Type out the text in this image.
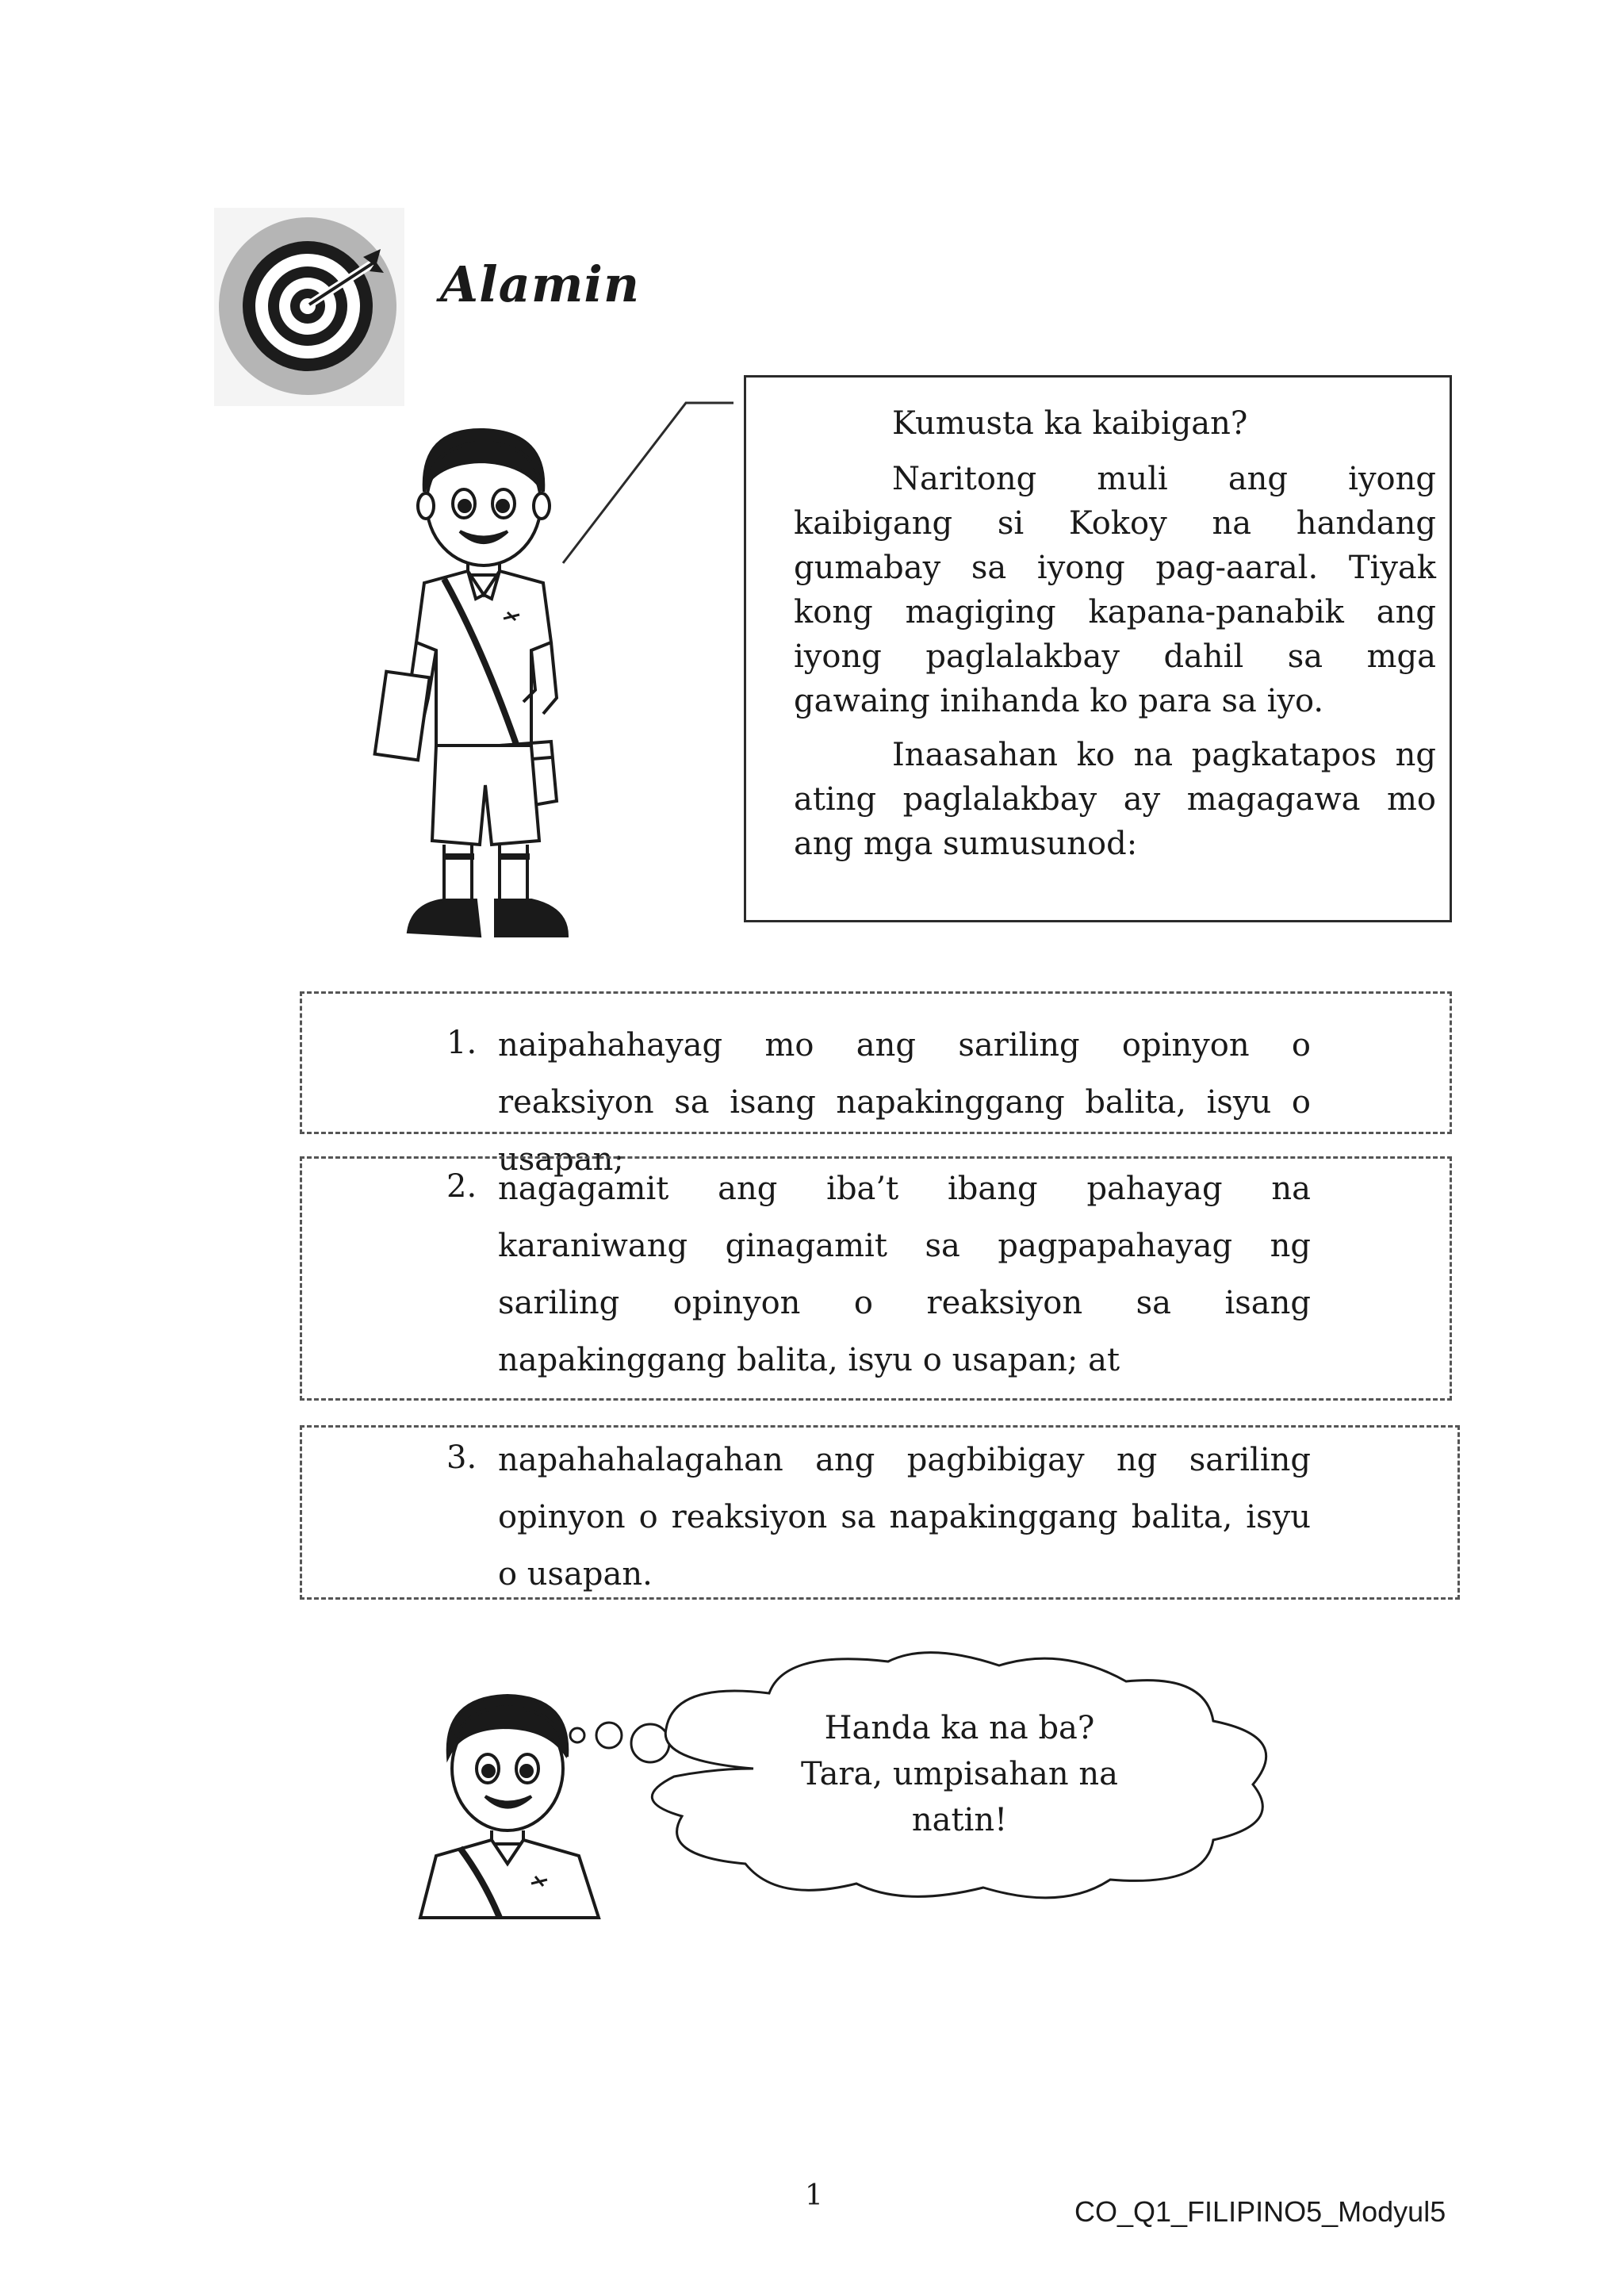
Alamin
Kumusta ka kaibigan?
Naritong muli ang iyong kaibigang si Kokoy na handang gumabay sa iyong pag-aaral. Tiyak kong magiging kapana-panabik ang iyong paglalakbay dahil sa mga gawaing inihanda ko para sa iyo.
Inaasahan ko na pagkatapos ng ating paglalakbay ay magagawa mo ang mga sumusunod:
1. naipahahayag mo ang sariling opinyon o reaksiyon sa isang napakinggang balita, isyu o usapan;
2. nagagamit ang iba’t ibang pahayag na karaniwang ginagamit sa pagpapahayag ng sariling opinyon o reaksiyon sa isang napakinggang balita, isyu o usapan; at
3. napahahalagahan ang pagbibigay ng sariling opinyon o reaksiyon sa napakinggang balita, isyu o usapan.
Handa ka na ba?
Tara, umpisahan na
natin!
1	CO_Q1_FILIPINO5_Modyul5
